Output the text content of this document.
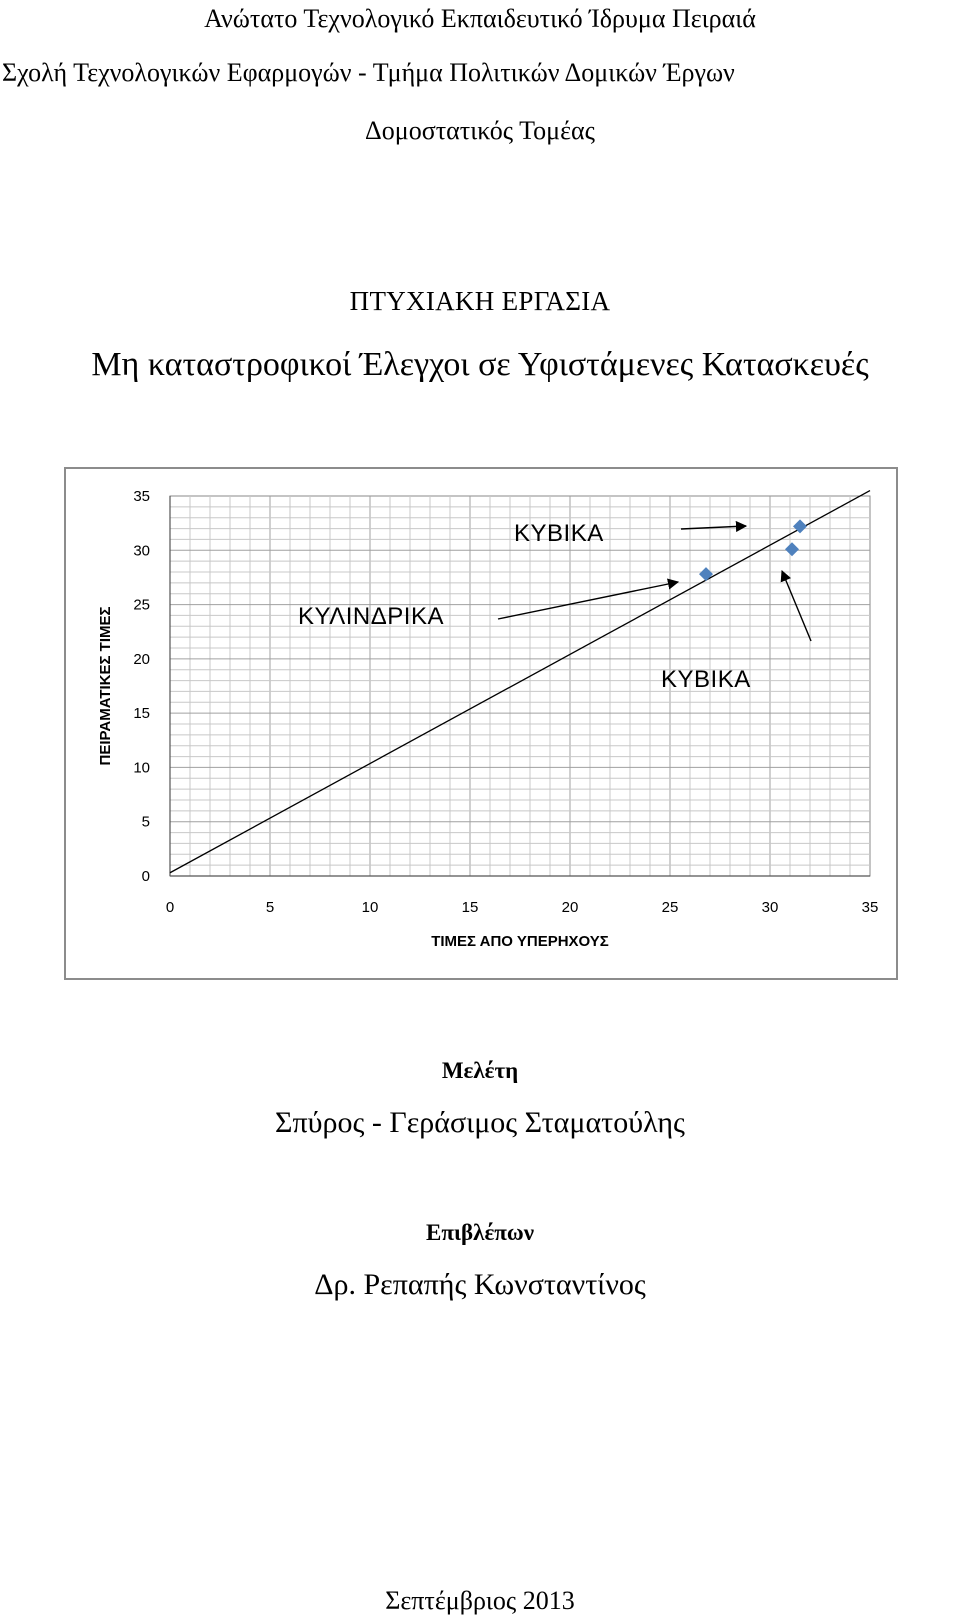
Ανώτατο Τεχνολογικό Εκπαιδευτικό Ίδρυμα Πειραιά
Σχολή Τεχνολογικών Εφαρμογών - Τμήμα Πολιτικών Δομικών Έργων
Δομοστατικός Τομέας
ΠΤΥΧΙΑΚΗ ΕΡΓΑΣΙΑ
Μη καταστροφικοί Έλεγχοι σε Υφιστάμενες Κατασκευές
0	5	10	15	20	25	30	35
0
5
10
15
20
25
30
35
ΤΙΜΕΣ ΑΠΟ ΥΠΕΡΗΧΟΥΣ
ΠΕΙΡΑΜΑΤΙΚΕΣ ΤΙΜΕΣ
ΚΥΒΙΚΑ
ΚΥΛΙΝΔΡΙΚΑ
ΚΥΒΙΚΑ
Μελέτη
Σπύρος - Γεράσιμος Σταματούλης
Επιβλέπων
Δρ. Ρεπαπής Κωνσταντίνος
Σεπτέμβριος 2013
